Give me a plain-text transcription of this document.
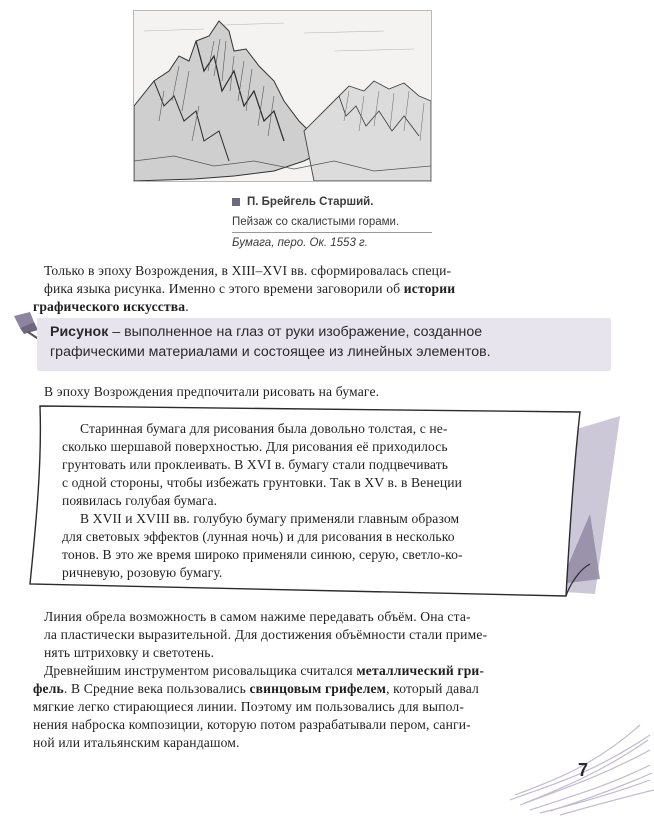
П. Брейгель Старший.
Пейзаж со скалистыми горами.
Бумага, перо. Ок. 1553 г.
Только в эпоху Возрождения, в XIII–XVI вв. сформировалась специ-
фика языка рисунка. Именно с этого времени заговорили об истории
графического искусства.
Рисунок – выполненное на глаз от руки изображение, созданное
графическими материалами и состоящее из линейных элементов.
В эпоху Возрождения предпочитали рисовать на бумаге.
Старинная бумага для рисования была довольно толстая, с не-
сколько шершавой поверхностью. Для рисования её приходилось
грунтовать или проклеивать. В XVI в. бумагу стали подцвечивать
с одной стороны, чтобы избежать грунтовки. Так в XV в. в Венеции
появилась голубая бумага.
В XVII и XVIII вв. голубую бумагу применяли главным образом
для световых эффектов (лунная ночь) и для рисования в несколько
тонов. В это же время широко применяли синюю, серую, светло-ко-
ричневую, розовую бумагу.
Линия обрела возможность в самом нажиме передавать объём. Она ста-
ла пластически выразительной. Для достижения объёмности стали приме-
нять штриховку и светотень.
Древнейшим инструментом рисовальщика считался металлический гри-
фель. В Средние века пользовались свинцовым грифелем, который давал
мягкие легко стирающиеся линии. Поэтому им пользовались для выпол-
нения наброска композиции, которую потом разрабатывали пером, санги-
ной или итальянским карандашом.
7
